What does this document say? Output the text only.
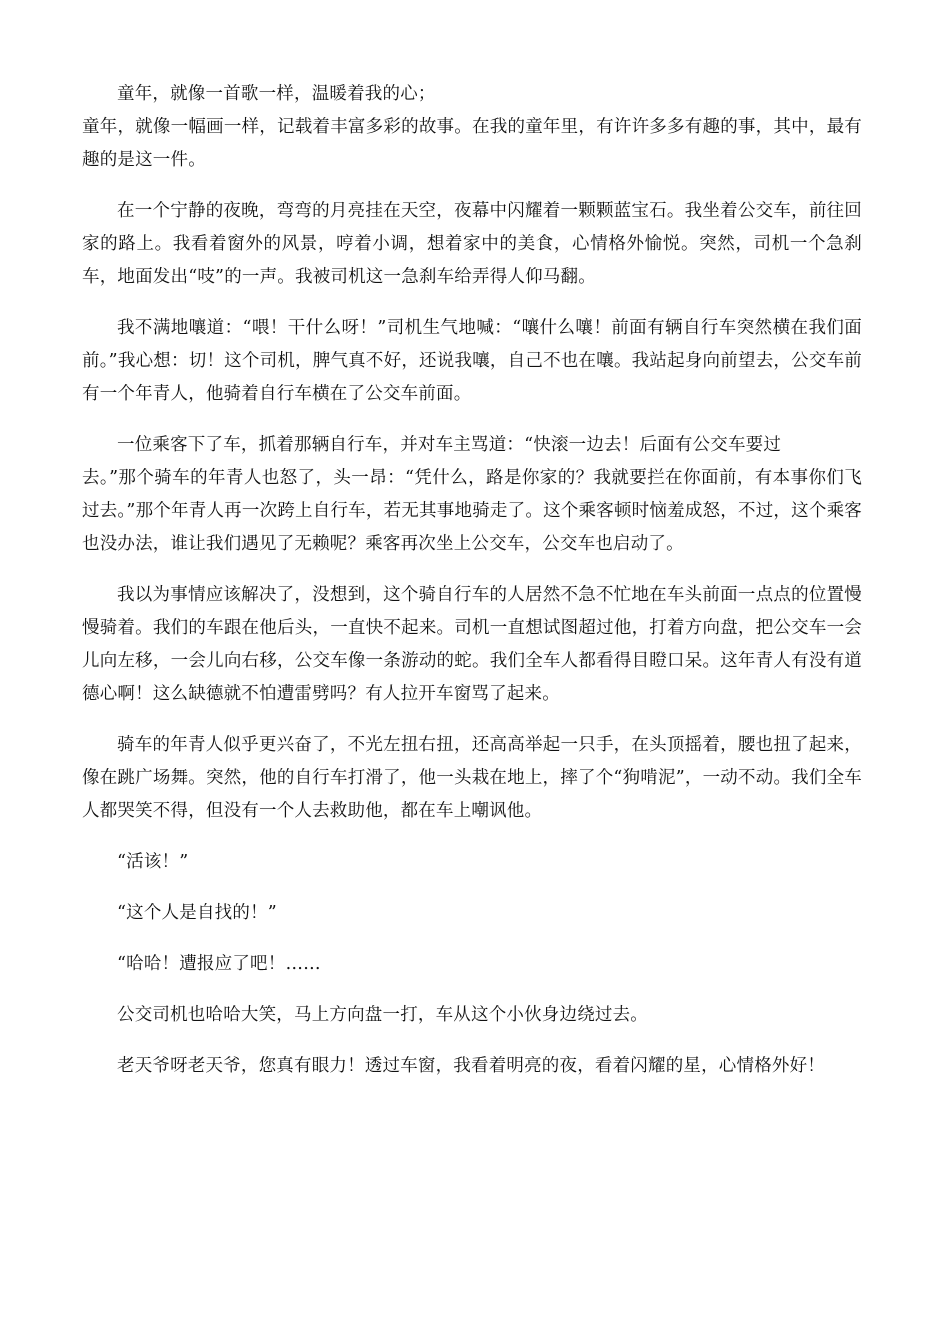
童年，就像一首歌一样，温暖着我的心；

童年，就像一幅画一样，记载着丰富多彩的故事。在我的童年里，有许许多多有趣的事，其中，最有趣的是这一件。

在一个宁静的夜晚，弯弯的月亮挂在天空，夜幕中闪耀着一颗颗蓝宝石。我坐着公交车，前往回家的路上。我看着窗外的风景，哼着小调，想着家中的美食，心情格外愉悦。突然，司机一个急刹车，地面发出“吱”的一声。我被司机这一急刹车给弄得人仰马翻。

我不满地嚷道：“喂！干什么呀！”司机生气地喊：“嚷什么嚷！前面有辆自行车突然横在我们面前。”我心想：切！这个司机，脾气真不好，还说我嚷，自己不也在嚷。我站起身向前望去，公交车前有一个年青人，他骑着自行车横在了公交车前面。

一位乘客下了车，抓着那辆自行车，并对车主骂道：“快滚一边去！后面有公交车要过

去。”那个骑车的年青人也怒了，头一昂：“凭什么，路是你家的？我就要拦在你面前，有本事你们飞过去。”那个年青人再一次跨上自行车，若无其事地骑走了。这个乘客顿时恼羞成怒，不过，这个乘客也没办法，谁让我们遇见了无赖呢？乘客再次坐上公交车，公交车也启动了。

我以为事情应该解决了，没想到，这个骑自行车的人居然不急不忙地在车头前面一点点的位置慢慢骑着。我们的车跟在他后头，一直快不起来。司机一直想试图超过他，打着方向盘，把公交车一会儿向左移，一会儿向右移，公交车像一条游动的蛇。我们全车人都看得目瞪口呆。这年青人有没有道德心啊！这么缺德就不怕遭雷劈吗？有人拉开车窗骂了起来。

骑车的年青人似乎更兴奋了，不光左扭右扭，还高高举起一只手，在头顶摇着，腰也扭了起来，像在跳广场舞。突然，他的自行车打滑了，他一头栽在地上，摔了个“狗啃泥”，一动不动。我们全车人都哭笑不得，但没有一个人去救助他，都在车上嘲讽他。

“活该！”

“这个人是自找的！”

“哈哈！遭报应了吧！……

公交司机也哈哈大笑，马上方向盘一打，车从这个小伙身边绕过去。

老天爷呀老天爷，您真有眼力！透过车窗，我看着明亮的夜，看着闪耀的星，心情格外好！
